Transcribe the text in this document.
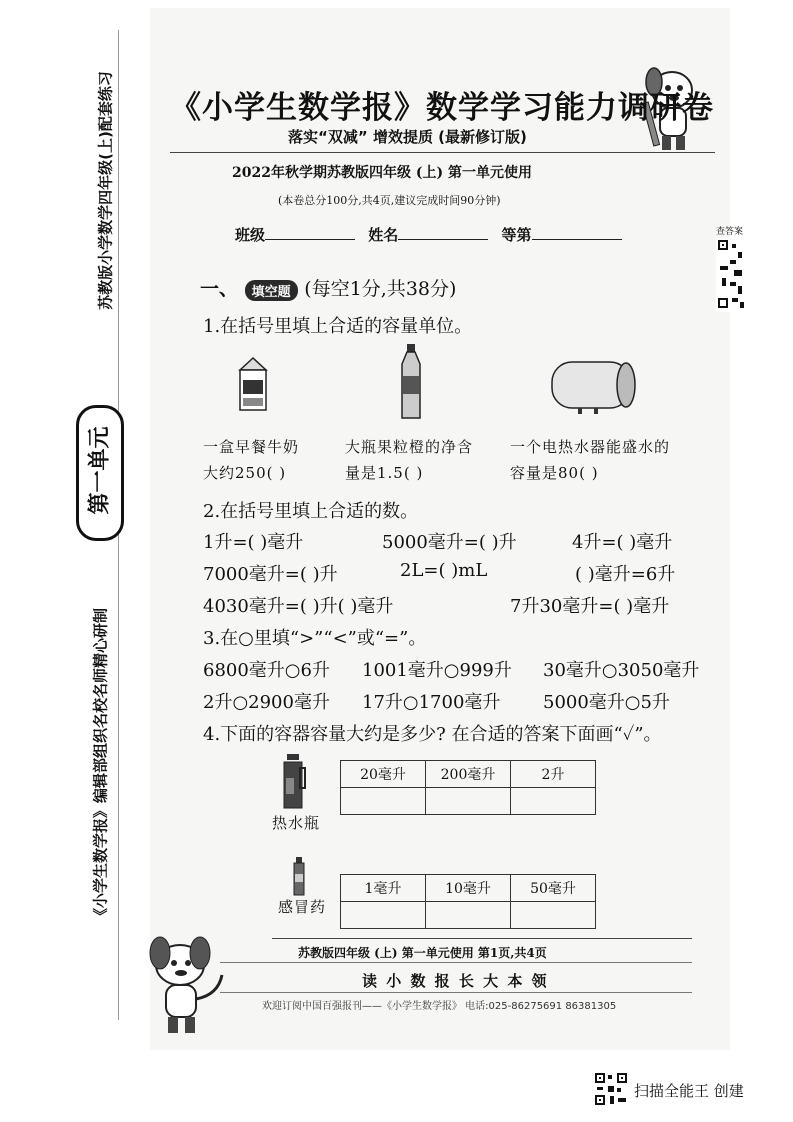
苏教版小学数学四年级(上)配套练习
第一单元
《小学生数学报》编辑部组织名校名师精心研制
《小学生数学报》数学学习能力调研卷
落实“双减” 增效提质 (最新修订版)
2022年秋学期苏教版四年级 (上) 第一单元使用
(本卷总分100分,共4页,建议完成时间90分钟)
班级	姓名	等第	查答案
一、 填空题 (每空1分,共38分)
1.在括号里填上合适的容量单位。
一盒早餐牛奶
大约250( )
大瓶果粒橙的净含
量是1.5( )
一个电热水器能盛水的
容量是80( )
2.在括号里填上合适的数。
1升=( )毫升	5000毫升=( )升	4升=( )毫升
7000毫升=( )升	2L=( )mL	( )毫升=6升
4030毫升=( )升( )毫升	7升30毫升=( )毫升
3.在○里填“>”“<”或“=”。
6800毫升○6升 1001毫升○999升 30毫升○3050毫升
2升○2900毫升 17升○1700毫升 5000毫升○5升
4.下面的容器容量大约是多少? 在合适的答案下面画“✓”。
热水瓶
20毫升	200毫升	2升

感冒药
1毫升	10毫升	50毫升

苏教版四年级 (上) 第一单元使用 第1页,共4页
读 小 数 报 长 大 本 领
欢迎订阅中国百强报刊——《小学生数学报》 电话:025-86275691 86381305
扫描全能王 创建
